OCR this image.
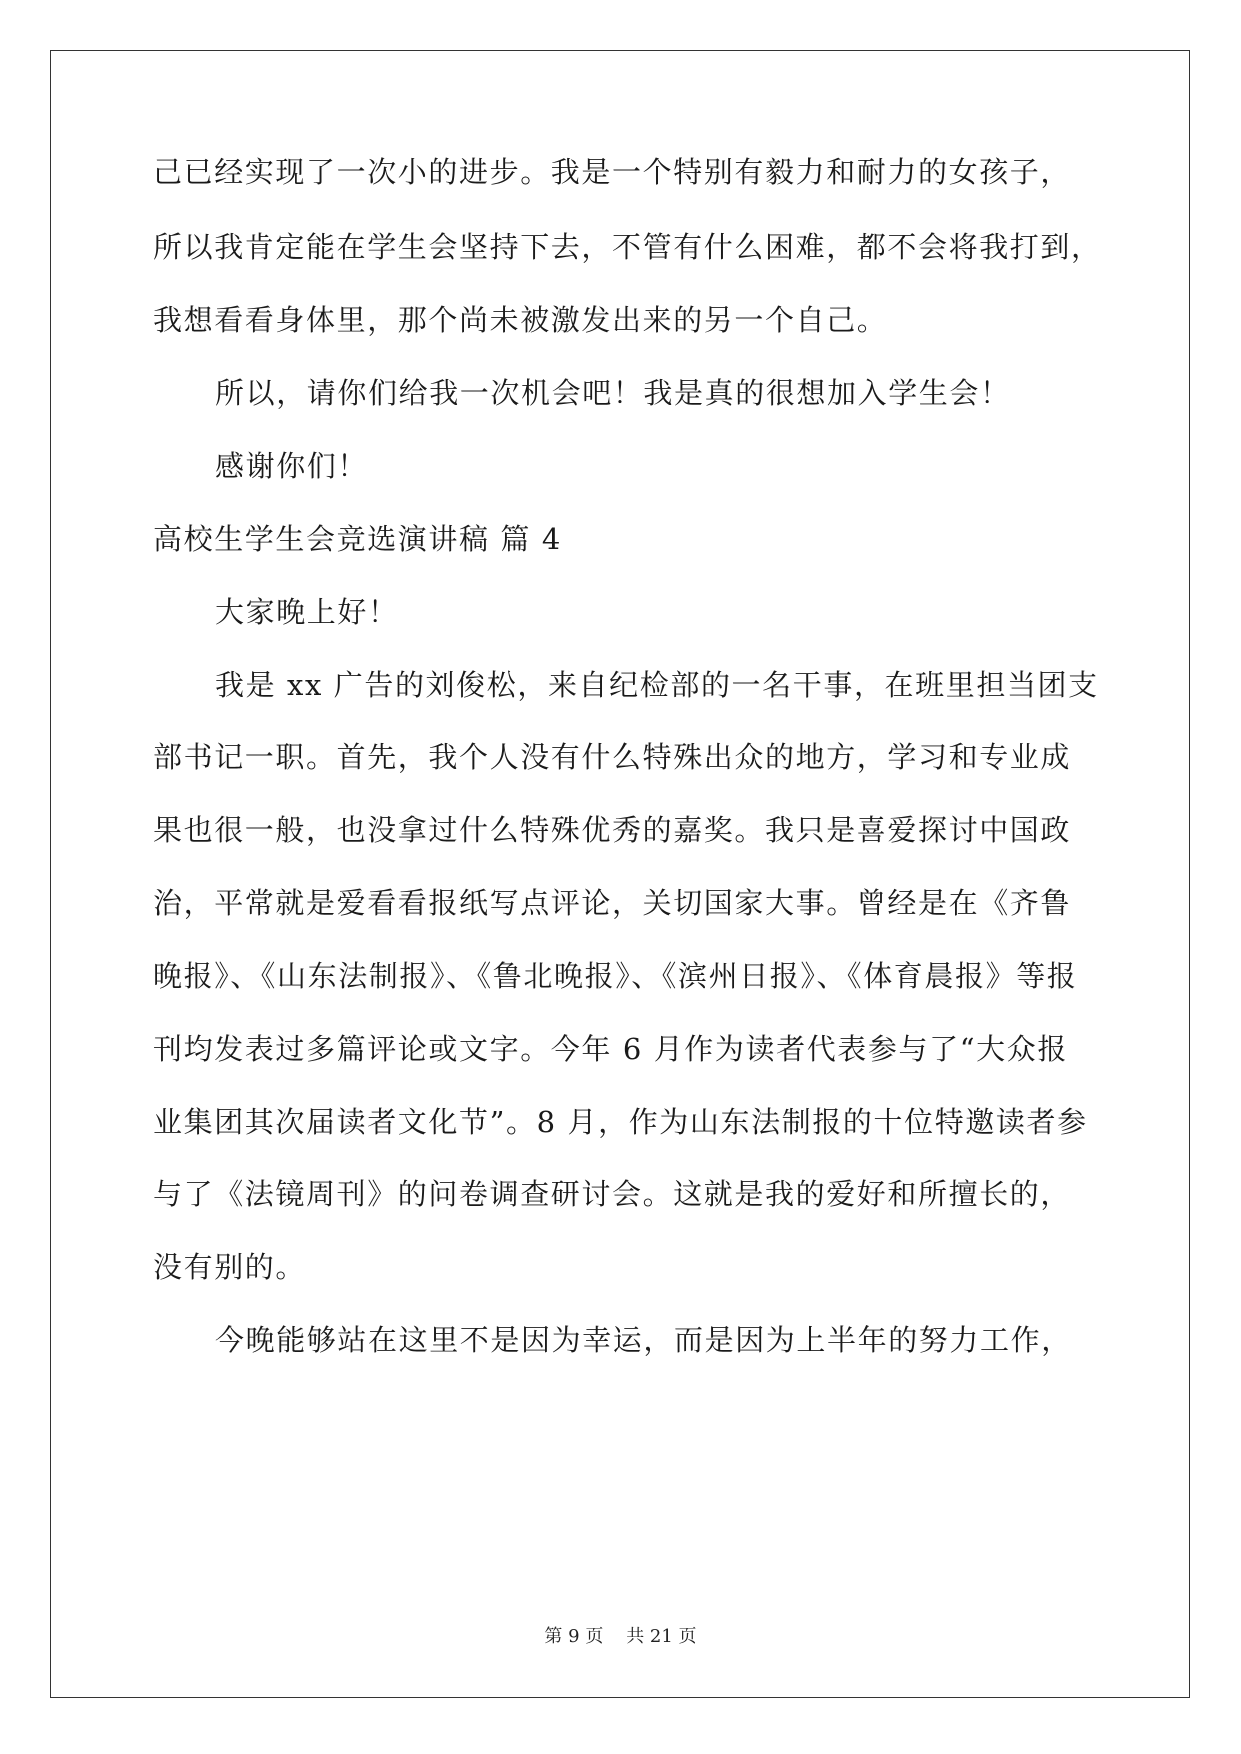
己已经实现了一次小的进步。我是一个特别有毅力和耐力的女孩子，
所以我肯定能在学生会坚持下去，不管有什么困难，都不会将我打到，
我想看看身体里，那个尚未被激发出来的另一个自己。
所以，请你们给我一次机会吧！我是真的很想加入学生会！
感谢你们！
高校生学生会竞选演讲稿 篇 4
大家晚上好！
我是 xx 广告的刘俊松，来自纪检部的一名干事，在班里担当团支
部书记一职。首先，我个人没有什么特殊出众的地方，学习和专业成
果也很一般，也没拿过什么特殊优秀的嘉奖。我只是喜爱探讨中国政
治，平常就是爱看看报纸写点评论，关切国家大事。曾经是在《齐鲁
晚报》、《山东法制报》、《鲁北晚报》、《滨州日报》、《体育晨报》等报
刊均发表过多篇评论或文字。今年 6 月作为读者代表参与了“大众报
业集团其次届读者文化节”。8 月，作为山东法制报的十位特邀读者参
与了《法镜周刊》的问卷调查研讨会。这就是我的爱好和所擅长的，
没有别的。
今晚能够站在这里不是因为幸运，而是因为上半年的努力工作，
第 9 页    共 21 页
